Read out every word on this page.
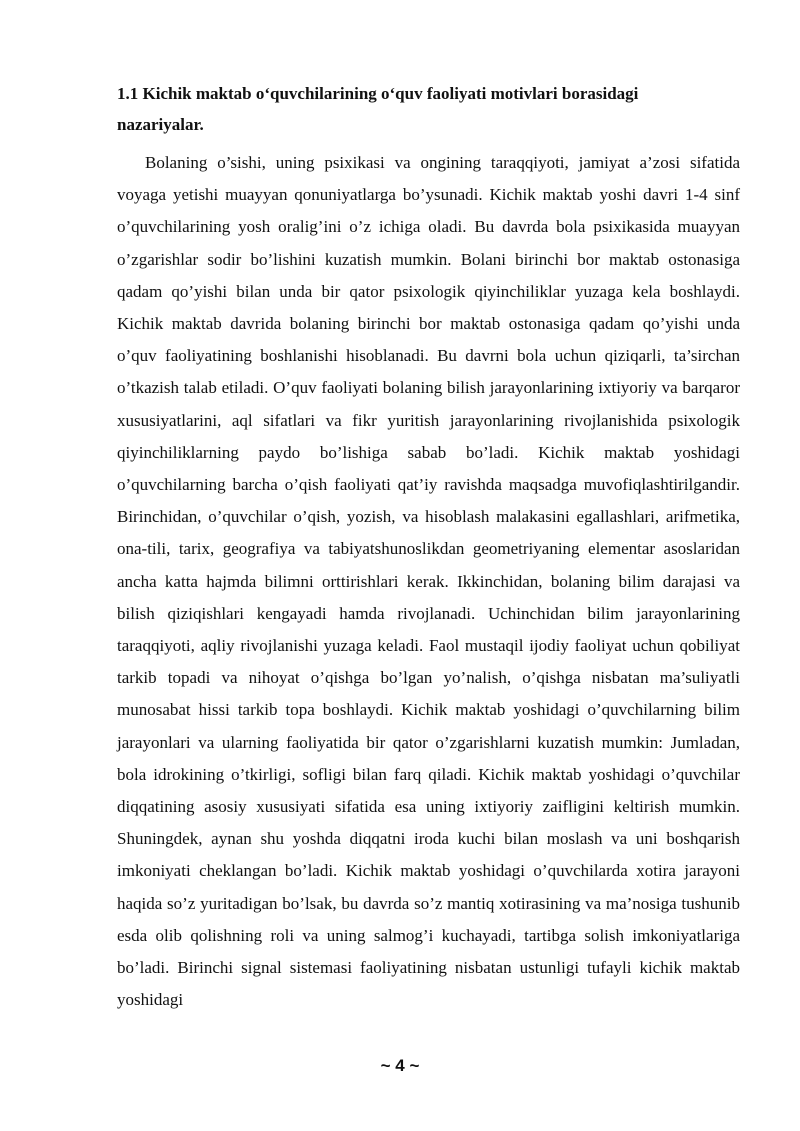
1.1 Kichik maktab o‘quvchilarining o‘quv faoliyati motivlari borasidagi nazariyalar.

Bolaning o’sishi, uning psixikasi va ongining taraqqiyoti, jamiyat a’zosi sifatida voyaga yetishi muayyan qonuniyatlarga bo’ysunadi. Kichik maktab yoshi davri 1-4 sinf o’quvchilarining yosh oralig’ini o’z ichiga oladi. Bu davrda bola psixikasida muayyan o’zgarishlar sodir bo’lishini kuzatish mumkin. Bolani birinchi bor maktab ostonasiga qadam qo’yishi bilan unda bir qator psixologik qiyinchiliklar yuzaga kela boshlaydi. Kichik maktab davrida bolaning birinchi bor maktab ostonasiga qadam qo’yishi unda o’quv faoliyatining boshlanishi hisoblanadi. Bu davrni bola uchun qiziqarli, ta’sirchan o’tkazish talab etiladi. O’quv faoliyati bolaning bilish jarayonlarining ixtiyoriy va barqaror xususiyatlarini, aql sifatlari va fikr yuritish jarayonlarining rivojlanishida psixologik qiyinchiliklarning paydo bo’lishiga sabab bo’ladi. Kichik maktab yoshidagi o’quvchilarning barcha o’qish faoliyati qat’iy ravishda maqsadga muvofiqlashtirilgandir. Birinchidan, o’quvchilar o’qish, yozish, va hisoblash malakasini egallashlari, arifmetika, ona-tili, tarix, geografiya va tabiyatshunoslikdan geometriyaning elementar asoslaridan ancha katta hajmda bilimni orttirishlari kerak. Ikkinchidan, bolaning bilim darajasi va bilish qiziqishlari kengayadi hamda rivojlanadi. Uchinchidan bilim jarayonlarining taraqqiyoti, aqliy rivojlanishi yuzaga keladi. Faol mustaqil ijodiy faoliyat uchun qobiliyat tarkib topadi va nihoyat o’qishga bo’lgan yo’nalish, o’qishga nisbatan ma’suliyatli munosabat hissi tarkib topa boshlaydi. Kichik maktab yoshidagi o’quvchilarning bilim jarayonlari va ularning faoliyatida bir qator o’zgarishlarni kuzatish mumkin: Jumladan, bola idrokining o’tkirligi, sofligi bilan farq qiladi. Kichik maktab yoshidagi o’quvchilar diqqatining asosiy xususiyati sifatida esa uning ixtiyoriy zaifligini keltirish mumkin. Shuningdek, aynan shu yoshda diqqatni iroda kuchi bilan moslash va uni boshqarish imkoniyati cheklangan bo’ladi. Kichik maktab yoshidagi o’quvchilarda xotira jarayoni haqida so’z yuritadigan bo’lsak, bu davrda so’z mantiq xotirasining va ma’nosiga tushunib esda olib qolishning roli va uning salmog’i kuchayadi, tartibga solish imkoniyatlariga bo’ladi. Birinchi signal sistemasi faoliyatining nisbatan ustunligi tufayli kichik maktab yoshidagi

~ 4 ~
